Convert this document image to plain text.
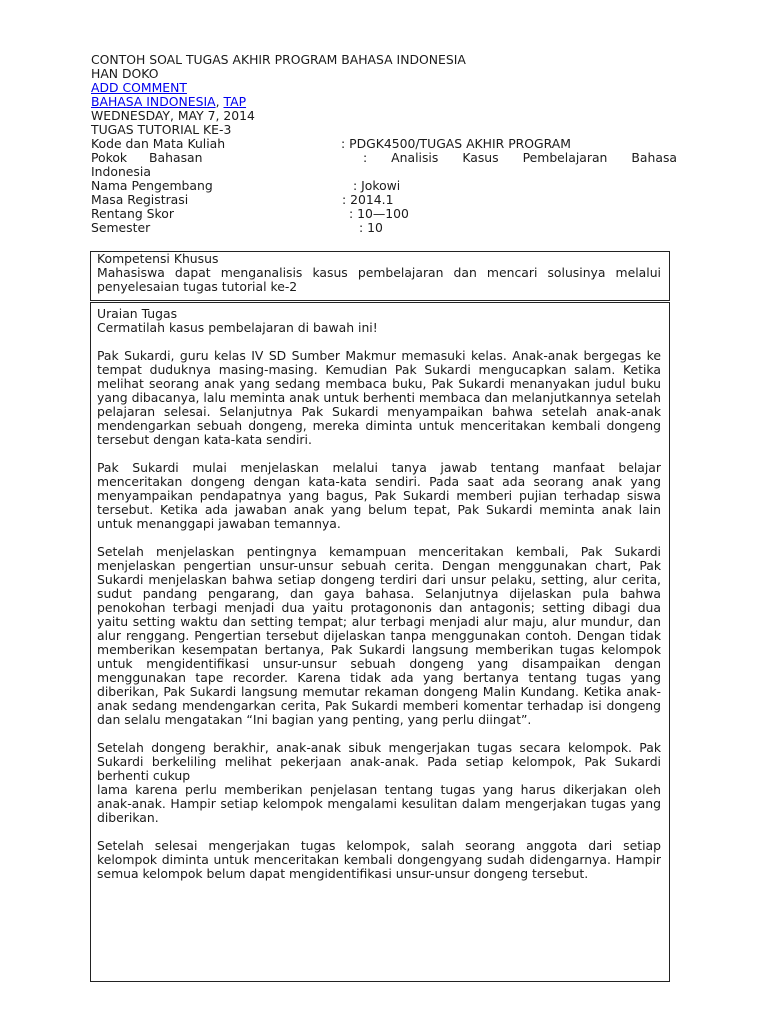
CONTOH SOAL TUGAS AKHIR PROGRAM BAHASA INDONESIA
HAN DOKO
ADD COMMENT
BAHASA INDONESIA, TAP
WEDNESDAY, MAY 7, 2014
TUGAS TUTORIAL KE-3
Kode dan Mata Kuliah	: PDGK4500/TUGAS AKHIR PROGRAM
Pokok Bahasan	: Analisis Kasus Pembelajaran Bahasa
Indonesia
Nama Pengembang	: Jokowi
Masa Registrasi	: 2014.1
Rentang Skor	: 10—100
Semester	: 10

Kompetensi Khusus

Mahasiswa dapat menganalisis kasus pembelajaran dan mencari solusinya melalui penyelesaian tugas tutorial ke-2

Uraian Tugas

Cermatilah kasus pembelajaran di bawah ini!

Pak Sukardi, guru kelas IV SD Sumber Makmur memasuki kelas. Anak-anak bergegas ke tempat duduknya masing-masing. Kemudian Pak Sukardi mengucapkan salam. Ketika melihat seorang anak yang sedang membaca buku, Pak Sukardi menanyakan judul buku yang dibacanya, lalu meminta anak untuk berhenti membaca dan melanjutkannya setelah pelajaran selesai. Selanjutnya Pak Sukardi menyampaikan bahwa setelah anak-anak mendengarkan sebuah dongeng, mereka diminta untuk menceritakan kembali dongeng tersebut dengan kata-kata sendiri.

Pak Sukardi mulai menjelaskan melalui tanya jawab tentang manfaat belajar menceritakan dongeng dengan kata-kata sendiri. Pada saat ada seorang anak yang menyampaikan pendapatnya yang bagus, Pak Sukardi memberi pujian terhadap siswa tersebut. Ketika ada jawaban anak yang belum tepat, Pak Sukardi meminta anak lain untuk menanggapi jawaban temannya.

Setelah menjelaskan pentingnya kemampuan menceritakan kembali, Pak Sukardi menjelaskan pengertian unsur-unsur sebuah cerita. Dengan menggunakan chart, Pak Sukardi menjelaskan bahwa setiap dongeng terdiri dari unsur pelaku, setting, alur cerita, sudut pandang pengarang, dan gaya bahasa. Selanjutnya dijelaskan pula bahwa penokohan terbagi menjadi dua yaitu protagononis dan antagonis; setting dibagi dua yaitu setting waktu dan setting tempat; alur terbagi menjadi alur maju, alur mundur, dan alur renggang. Pengertian tersebut dijelaskan tanpa menggunakan contoh. Dengan tidak memberikan kesempatan bertanya, Pak Sukardi langsung memberikan tugas kelompok untuk mengidentifikasi unsur-unsur sebuah dongeng yang disampaikan dengan menggunakan tape recorder. Karena tidak ada yang bertanya tentang tugas yang diberikan, Pak Sukardi langsung memutar rekaman dongeng Malin Kundang. Ketika anak-anak sedang mendengarkan cerita, Pak Sukardi memberi komentar terhadap isi dongeng dan selalu mengatakan “Ini bagian yang penting, yang perlu diingat”.

Setelah dongeng berakhir, anak-anak sibuk mengerjakan tugas secara kelompok. Pak Sukardi berkeliling melihat pekerjaan anak-anak. Pada setiap kelompok, Pak Sukardi berhenti cukup

lama karena perlu memberikan penjelasan tentang tugas yang harus dikerjakan oleh anak-anak. Hampir setiap kelompok mengalami kesulitan dalam mengerjakan tugas yang diberikan.

Setelah selesai mengerjakan tugas kelompok, salah seorang anggota dari setiap kelompok diminta untuk menceritakan kembali dongengyang sudah didengarnya. Hampir semua kelompok belum dapat mengidentifikasi unsur-unsur dongeng tersebut.
